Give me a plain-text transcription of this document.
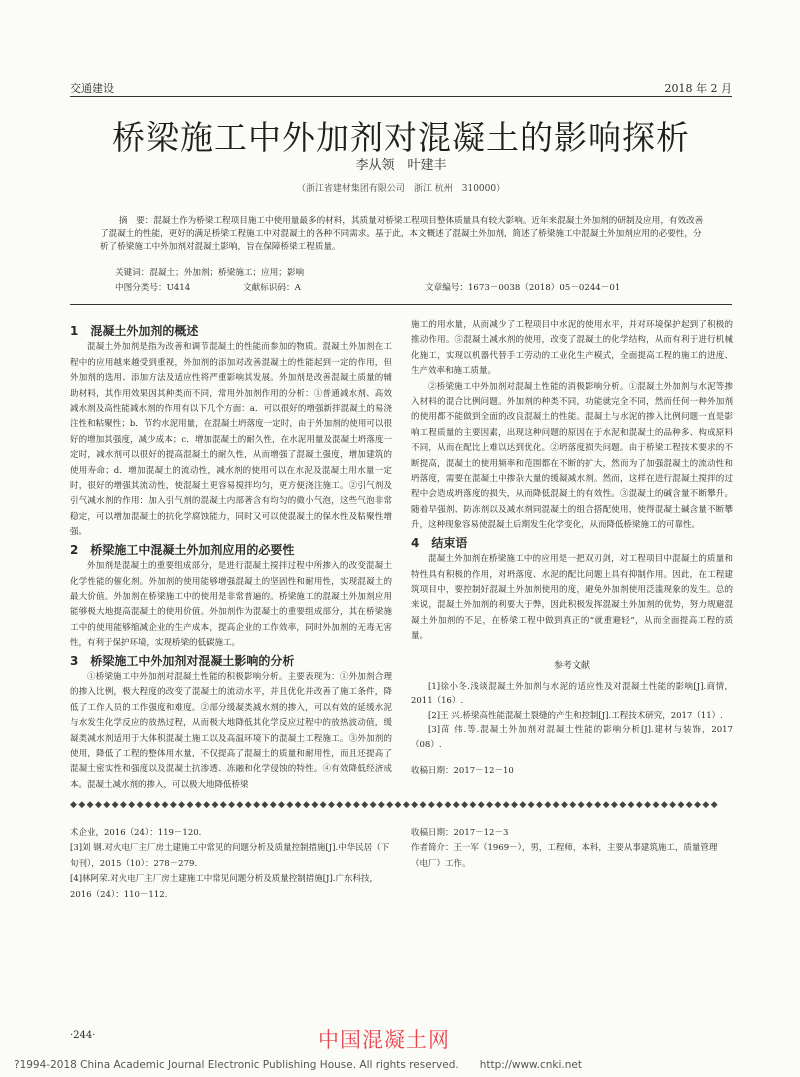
交通建设	2018 年 2 月
桥梁施工中外加剂对混凝土的影响探析
李从领　叶建丰
（浙江省建材集团有限公司　浙江 杭州　310000）
摘　要：混凝土作为桥梁工程项目施工中使用量最多的材料，其质量对桥梁工程项目整体质量具有较大影响。近年来混凝土外加剂的研制及应用，有效改善了混凝土的性能，更好的满足桥梁工程施工中对混凝土的各种不同需求。基于此，本文概述了混凝土外加剂，简述了桥梁施工中混凝土外加剂应用的必要性，分析了桥梁施工中外加剂对混凝土影响，旨在保障桥梁工程质量。
关键词：混凝土；外加剂；桥梁施工；应用；影响
中图分类号：U414	文献标识码：A	文章编号：1673－0038（2018）05－0244－01
1　混凝土外加剂的概述

混凝土外加剂是指为改善和调节混凝土的性能而参加的物质。混凝土外加剂在工程中的应用越来越受到重视，外加剂的添加对改善混凝土的性能起到一定的作用，但外加剂的选用、添加方法及适应性将严重影响其发展。外加剂是改善混凝土质量的辅助材料，其作用效果因其种类而不同，常用外加剂作用的分析：①普通减水剂、高效减水剂及高性能减水剂的作用有以下几个方面：a．可以很好的增强新拌混凝土的易浇注性和粘聚性；b．节约水泥用量，在混凝土坍落度一定时，由于外加剂的使用可以很好的增加其强度，减少成本；c．增加混凝土的耐久性，在水泥用量及混凝土坍落度一定时，减水剂可以很好的提高混凝土的耐久性，从而增强了混凝土强度，增加建筑的使用寿命；d．增加混凝土的流动性，减水剂的使用可以在水泥及混凝土用水量一定时，很好的增强其流动性，使混凝土更容易搅拌均匀，更方便浇注施工。②引气剂及引气减水剂的作用：加入引气剂的混凝土内部著含有均匀的微小气泡，这些气泡非常稳定，可以增加混凝土的抗化学腐蚀能力，同时又可以使混凝土的保水性及粘聚性增强。

2　桥梁施工中混凝土外加剂应用的必要性

外加剂是混凝土的重要组成部分，是进行混凝土搅拌过程中所掺入的改变混凝土化学性能的催化剂。外加剂的使用能够增强混凝土的坚固性和耐用性，实现混凝土的最大价值。外加剂在桥梁施工中的使用是非常普遍的。桥梁施工的混凝土外加剂应用能够极大地提高混凝土的使用价值。外加剂作为混凝土的重要组成部分，其在桥梁施工中的使用能够缩减企业的生产成本，提高企业的工作效率，同时外加剂的无毒无害性，有利于保护环境，实现桥梁的低碳施工。

3　桥梁施工中外加剂对混凝土影响的分析

①桥梁施工中外加剂对混凝土性能的积极影响分析。主要表现为：①外加剂合理的掺入比例，极大程度的改变了混凝土的流动水平，并且优化并改善了施工条件，降低了工作人员的工作强度和难度。②部分缓凝类减水剂的掺入，可以有效的延缓水泥与水发生化学反应的放热过程，从而极大地降低其化学反应过程中的放热波动值，缓凝类减水剂适用于大体积混凝土施工以及高温环境下的混凝土工程施工。③外加剂的使用，降低了工程的整体用水量，不仅提高了混凝土的质量和耐用性，而且还提高了混凝土密实性和强度以及混凝土抗渗透、冻融和化学侵蚀的特性。④有效降低经济成本。混凝土减水剂的掺入，可以极大地降低桥梁

施工的用水量，从而减少了工程项目中水泥的使用水平，并对环境保护起到了积极的推动作用。⑤混凝土减水剂的使用，改变了混凝土的化学结构，从而有利于进行机械化施工，实现以机器代替手工劳动的工业化生产模式，全面提高工程的施工的进度、生产效率和施工质量。

②桥梁施工中外加剂对混凝土性能的消极影响分析。①混凝土外加剂与水泥等掺入材料的混合比例问题。外加剂的种类不同，功能就完全不同，然而任何一种外加剂的使用都不能做到全面的改良混凝土的性能。混凝土与水泥的掺入比例问题一直是影响工程质量的主要因素，出现这种问题的原因在于水泥和混凝土的品种多、构成原料不同，从而在配比上难以达到优化。②坍落度损失问题。由于桥梁工程技术要求的不断提高，混凝土的使用频率和范围都在不断的扩大，然而为了加强混凝土的流动性和坍落度，需要在混凝土中掺杂大量的缓凝减水剂。然而，这样在进行混凝土搅拌的过程中会造成坍落度的损失，从而降低混凝土的有效性。③混凝土的碱含量不断攀升。随着早强剂、防冻剂以及减水剂同混凝土的组合搭配使用，使得混凝土碱含量不断攀升，这种现象容易使混凝土后期发生化学变化，从而降低桥梁施工的可靠性。

4　结束语

混凝土外加剂在桥梁施工中的应用是一把双刃剑，对工程项目中混凝土的质量和特性具有积极的作用，对坍落度、水泥的配比问题上具有抑制作用。因此，在工程建筑项目中，要控制好混凝土外加剂使用的度，避免外加剂使用泛滥现象的发生。总的来说，混凝土外加剂的利要大于弊，因此积极发挥混凝土外加剂的优势，努力规避混凝土外加剂的不足，在桥梁工程中做到真正的“就重避轻”，从而全面提高工程的质量。

参考文献

[1]徐小冬.浅谈混凝土外加剂与水泥的适应性及对混凝土性能的影响[J].商情，2011（16）.

[2]王 兴.桥梁高性能混凝土裂缝的产生和控制[J].工程技术研究，2017（11）.

[3]苗 伟.等.混凝土外加剂对混凝土性能的影响分析[J].建材与装饰，2017（08）.

收稿日期：2017－12－10
◆◆◆◆◆◆◆◆◆◆◆◆◆◆◆◆◆◆◆◆◆◆◆◆◆◆◆◆◆◆◆◆◆◆◆◆◆◆◆◆◆◆◆◆◆◆◆◆◆◆◆◆◆◆◆◆◆◆◆◆◆◆◆◆◆◆◆◆◆◆◆◆◆◆◆◆◆◆
术企业，2016（24）：119－120.
[3]刘 钢.对火电厂主厂房土建施工中常见的问题分析及质量控制措施[J].中华民居（下旬刊），2015（10）：278－279.
[4]林阿荣.对火电厂主厂房土建施工中常见问题分析及质量控制措施[J].广东科技，2016（24）：110－112.
收稿日期：2017－12－3
作者简介：王一军（1969－），男，工程师，本科，主要从事建筑施工，质量管理（电厂）工作。
·244·	中国混凝土网
?1994-2018 China Academic Journal Electronic Publishing House. All rights reserved.　　http://www.cnki.net
